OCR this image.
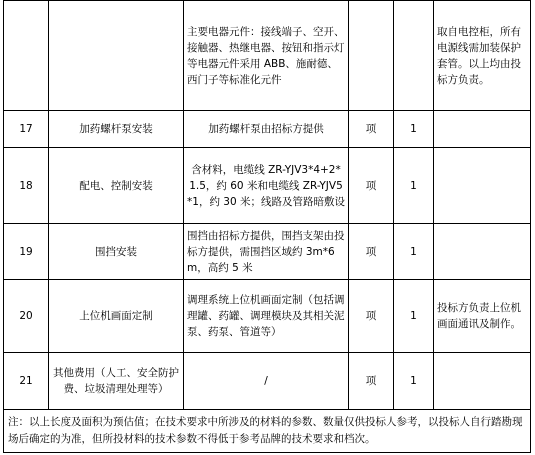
		主要电器元件：接线端子、空开、接触器、热继电器、按钮和指示灯等电器元件采用 ABB、施耐德、西门子等标准化元件			取自电控柜，所有电源线需加装保护套管。以上均由投标方负责。
17	加药螺杆泵安装	加药螺杆泵由招标方提供	项	1	
18	配电、控制安装	含材料，电缆线 ZR-YJV3*4+2*1.5，约 60 米和电缆线 ZR-YJV5*1，约 30 米；线路及管路暗敷设	项	1	
19	围挡安装	围挡由招标方提供，围挡支架由投标方提供，需围挡区域约 3m*6m，高约 5 米	项	1	
20	上位机画面定制	调理系统上位机画面定制（包括调理罐、药罐、调理模块及其相关泥泵、药泵、管道等）	项	1	投标方负责上位机画面通讯及制作。
21	其他费用（人工、安全防护费、垃圾清理处理等）	/	项	1	
注：以上长度及面积为预估值；在技术要求中所涉及的材料的参数、数量仅供投标人参考，以投标人自行踏勘现场后确定的为准，但所投材料的技术参数不得低于参考品牌的技术要求和档次。					
